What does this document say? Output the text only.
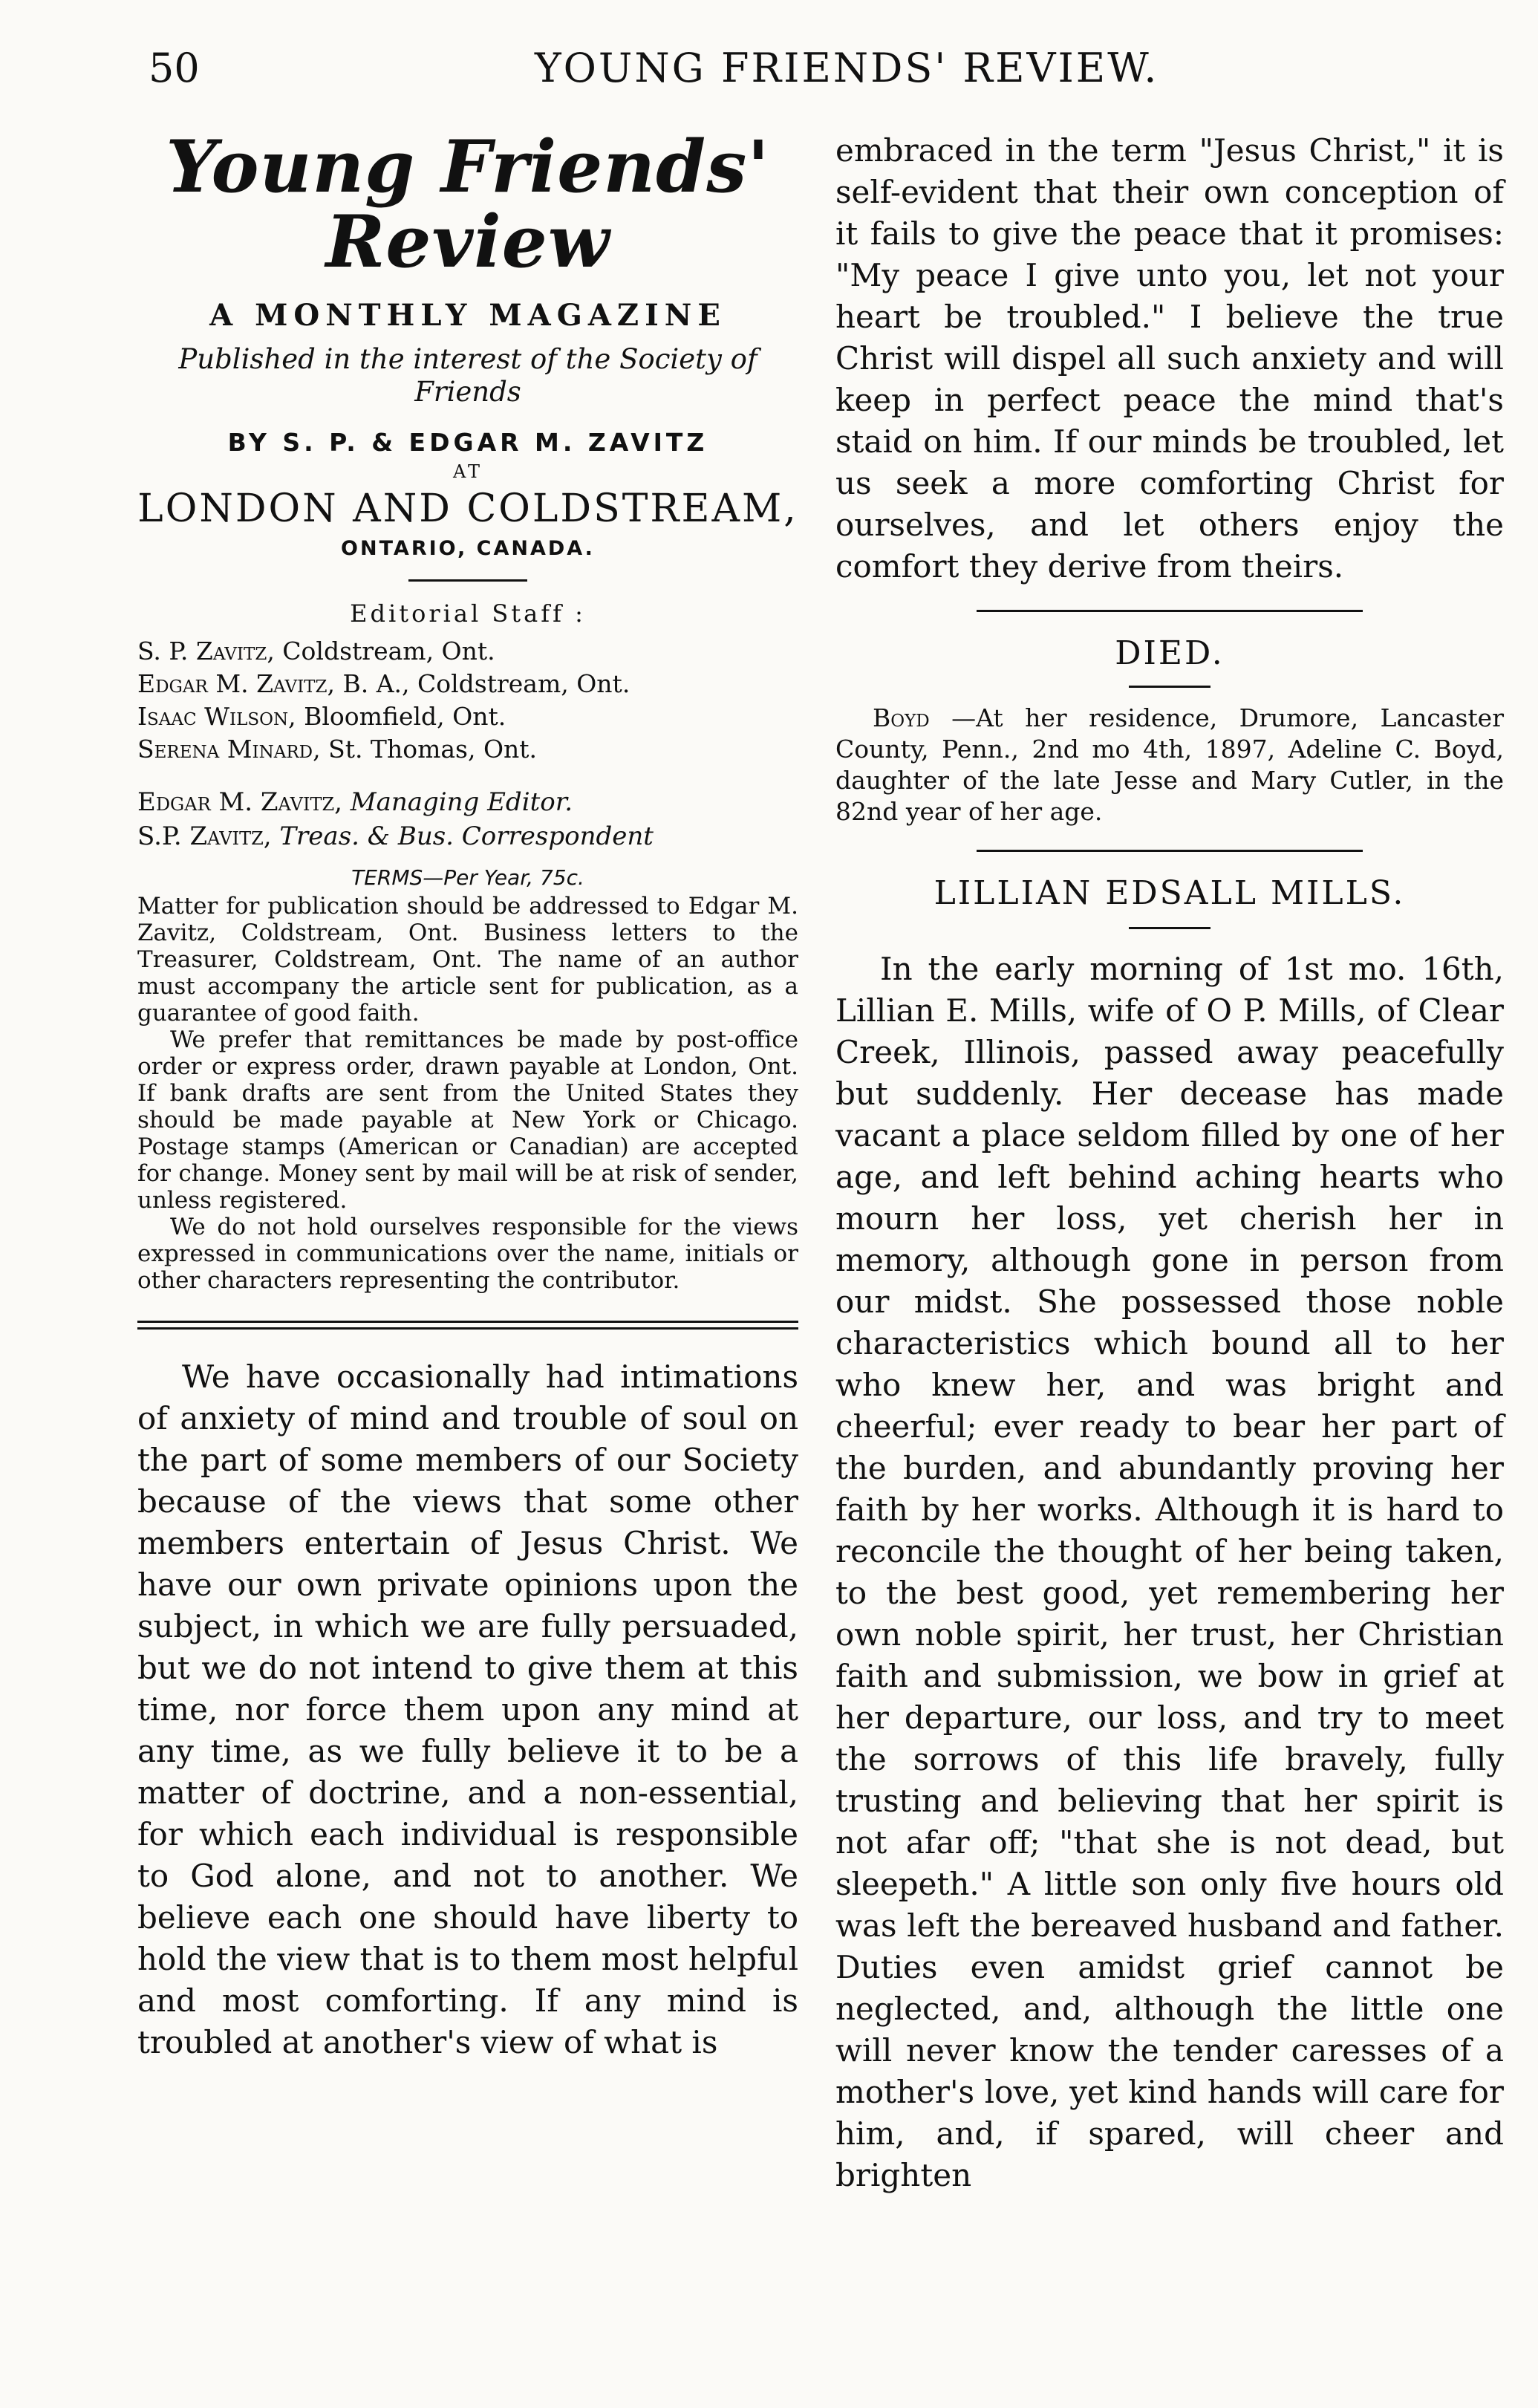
50	YOUNG FRIENDS' REVIEW.

Young Friends' Review

A MONTHLY MAGAZINE

Published in the interest of the Society of Friends

BY S. P. & EDGAR M. ZAVITZ

AT

LONDON AND COLDSTREAM,

ONTARIO, CANADA.

Editorial Staff :

S. P. Zavitz, Coldstream, Ont.

Edgar M. Zavitz, B. A., Coldstream, Ont.

Isaac Wilson, Bloomfield, Ont.

Serena Minard, St. Thomas, Ont.

Edgar M. Zavitz, Managing Editor.

S.P. Zavitz, Treas. & Bus. Correspondent

TERMS—Per Year, 75c.

Matter for publication should be addressed to Edgar M. Zavitz, Coldstream, Ont. Business letters to the Treasurer, Coldstream, Ont. The name of an author must accompany the article sent for publication, as a guarantee of good faith.

We prefer that remittances be made by post-office order or express order, drawn payable at London, Ont. If bank drafts are sent from the United States they should be made payable at New York or Chicago. Postage stamps (American or Canadian) are accepted for change. Money sent by mail will be at risk of sender, unless registered.

We do not hold ourselves responsible for the views expressed in communications over the name, initials or other characters representing the contributor.

We have occasionally had intimations of anxiety of mind and trouble of soul on the part of some members of our Society because of the views that some other members entertain of Jesus Christ. We have our own private opinions upon the subject, in which we are fully persuaded, but we do not intend to give them at this time, nor force them upon any mind at any time, as we fully believe it to be a matter of doctrine, and a non-essential, for which each individual is responsible to God alone, and not to another. We believe each one should have liberty to hold the view that is to them most helpful and most comforting. If any mind is troubled at another's view of what is

embraced in the term "Jesus Christ," it is self-evident that their own conception of it fails to give the peace that it promises: "My peace I give unto you, let not your heart be troubled." I believe the true Christ will dispel all such anxiety and will keep in perfect peace the mind that's staid on him. If our minds be troubled, let us seek a more comforting Christ for ourselves, and let others enjoy the comfort they derive from theirs.

DIED.

Boyd —At her residence, Drumore, Lancaster County, Penn., 2nd mo 4th, 1897, Adeline C. Boyd, daughter of the late Jesse and Mary Cutler, in the 82nd year of her age.

LILLIAN EDSALL MILLS.

In the early morning of 1st mo. 16th, Lillian E. Mills, wife of O P. Mills, of Clear Creek, Illinois, passed away peacefully but suddenly. Her decease has made vacant a place seldom filled by one of her age, and left behind aching hearts who mourn her loss, yet cherish her in memory, although gone in person from our midst. She possessed those noble characteristics which bound all to her who knew her, and was bright and cheerful; ever ready to bear her part of the burden, and abundantly proving her faith by her works. Although it is hard to reconcile the thought of her being taken, to the best good, yet remembering her own noble spirit, her trust, her Christian faith and submission, we bow in grief at her departure, our loss, and try to meet the sorrows of this life bravely, fully trusting and believing that her spirit is not afar off; "that she is not dead, but sleepeth." A little son only five hours old was left the bereaved husband and father. Duties even amidst grief cannot be neglected, and, although the little one will never know the tender caresses of a mother's love, yet kind hands will care for him, and, if spared, will cheer and brighten
